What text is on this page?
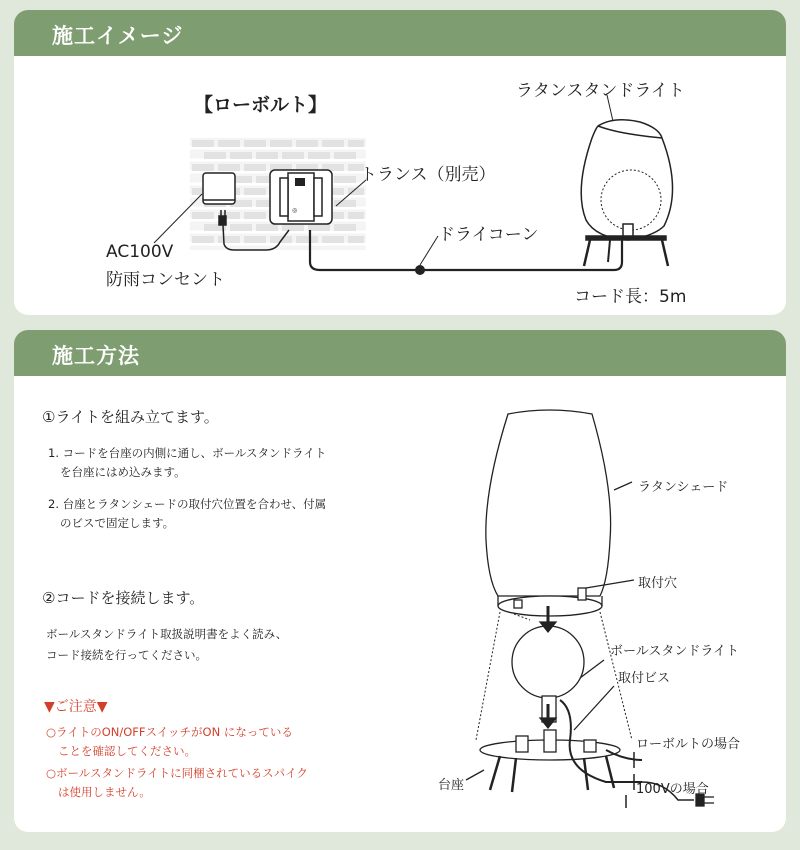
施工イメージ
◎
【ローボルト】
AC100V
防雨コンセント
トランス（別売）
ドライコーン
ラタンスタンドライト
コード長：5m
施工方法
①ライトを組み立てます。
1. コードを台座の内側に通し、ボールスタンドライト
を台座にはめ込みます。
2. 台座とラタンシェードの取付穴位置を合わせ、付属
のビスで固定します。
②コードを接続します。
ボールスタンドライト取扱説明書をよく読み、
コード接続を行ってください。
▼ご注意▼
○ライトのON/OFFスイッチがON になっている
ことを確認してください。
○ボールスタンドライトに同梱されているスパイク
は使用しません。
ラタンシェード
取付穴
ボールスタンドライト
取付ビス
ローボルトの場合
100Vの場合
台座
